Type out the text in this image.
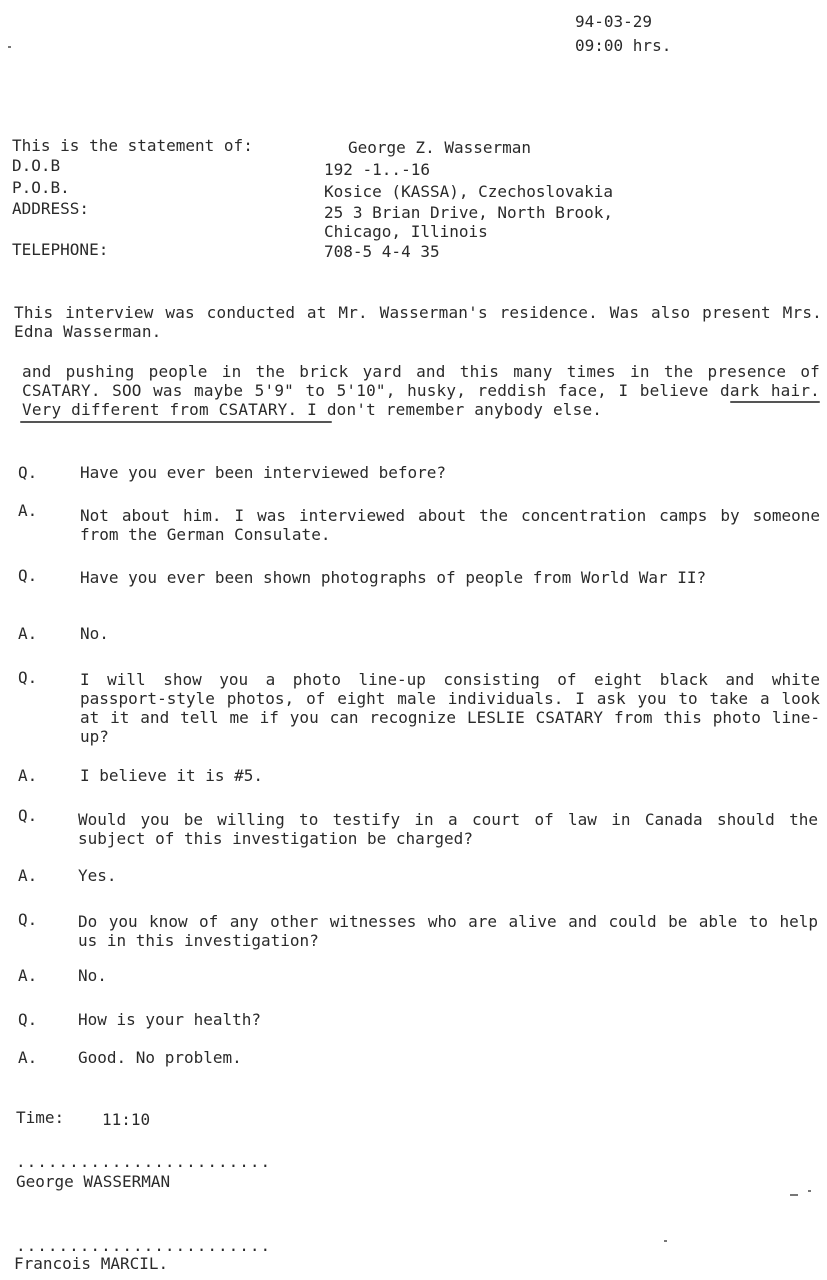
94-03-29
09:00 hrs.
This is the statement of:	George Z. Wasserman
D.O.B	192 -1..-16
P.O.B.	Kosice (KASSA), Czechoslovakia
ADDRESS:	25 3 Brian Drive, North Brook,
Chicago, Illinois
TELEPHONE:	708-5 4-4 35
This interview was conducted at Mr. Wasserman's residence. Was also present Mrs. Edna Wasserman.
and pushing people in the brick yard and this many times in the presence of CSATARY. SOO was maybe 5'9" to 5'10", husky, reddish face, I believe dark hair. Very different from CSATARY. I don't remember anybody else.
Q.	Have you ever been interviewed before?
A.	Not about him. I was interviewed about the concentration camps by someone from the German Consulate.
Q.	Have you ever been shown photographs of people from World War II?
A.	No.
Q.	I will show you a photo line-up consisting of eight black and white passport-style photos, of eight male individuals. I ask you to take a look at it and tell me if you can recognize LESLIE CSATARY from this photo line-up?
A.	I believe it is #5.
Q.	Would you be willing to testify in a court of law in Canada should the subject of this investigation be charged?
A.	Yes.
Q.	Do you know of any other witnesses who are alive and could be able to help us in this investigation?
A.	No.
Q.	How is your health?
A.	Good. No problem.
Time: 11:10
........................
George WASSERMAN
........................
Francois MARCIL.
